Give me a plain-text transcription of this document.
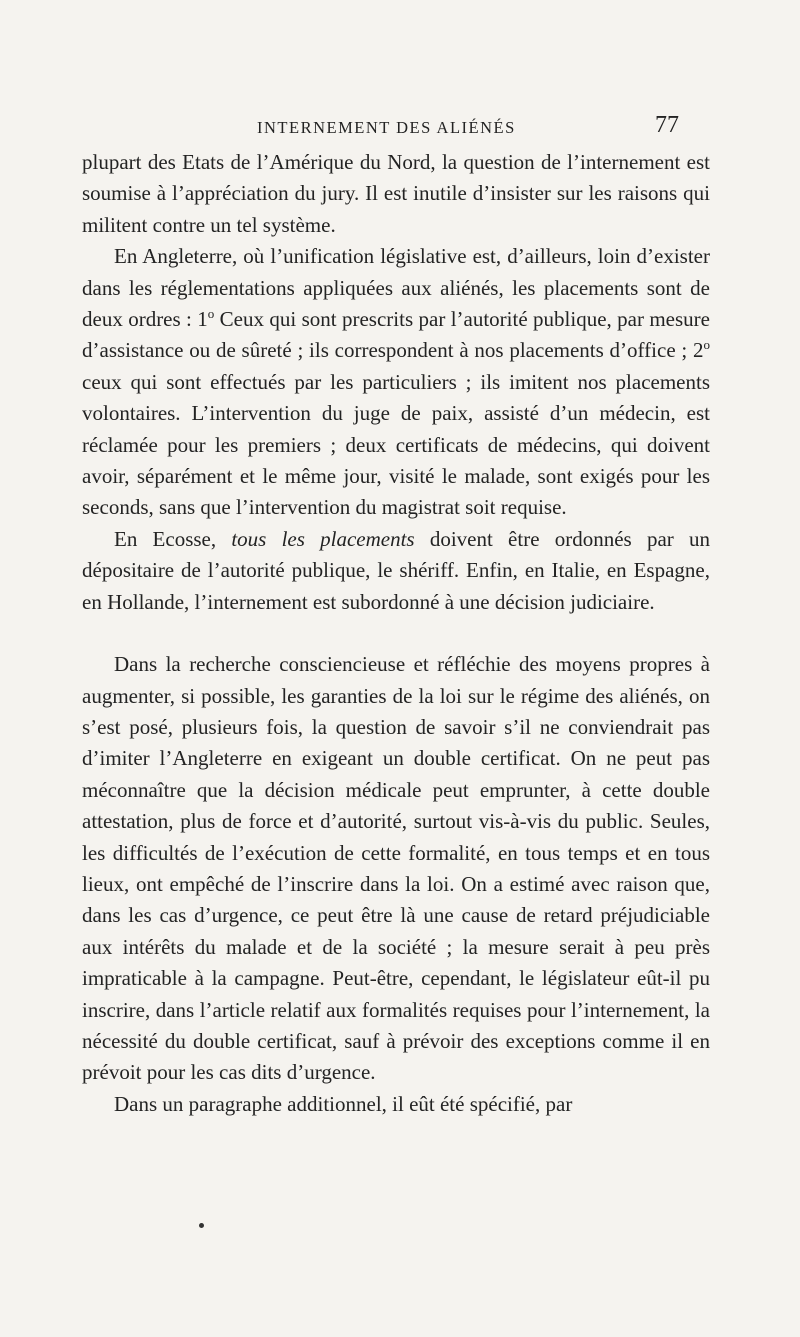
INTERNEMENT DES ALIÉNÉS	77

plupart des Etats de l’Amérique du Nord, la question de l’internement est soumise à l’appréciation du jury. Il est inutile d’insister sur les raisons qui militent contre un tel système.

En Angleterre, où l’unification législative est, d’ailleurs, loin d’exister dans les réglementations appliquées aux aliénés, les placements sont de deux ordres : 1$^o$ Ceux qui sont prescrits par l’autorité publique, par mesure d’assistance ou de sûreté ; ils correspondent à nos placements d’office ; 2$^o$ ceux qui sont effectués par les particuliers ; ils imitent nos placements volontaires. L’intervention du juge de paix, assisté d’un médecin, est réclamée pour les premiers ; deux certificats de médecins, qui doivent avoir, séparément et le même jour, visité le malade, sont exigés pour les seconds, sans que l’intervention du magistrat soit requise.

En Ecosse, tous les placements doivent être ordonnés par un dépositaire de l’autorité publique, le shériff. Enfin, en Italie, en Espagne, en Hollande, l’internement est subordonné à une décision judiciaire.

Dans la recherche consciencieuse et réfléchie des moyens propres à augmenter, si possible, les garanties de la loi sur le régime des aliénés, on s’est posé, plusieurs fois, la question de savoir s’il ne conviendrait pas d’imiter l’Angleterre en exigeant un double certificat. On ne peut pas méconnaître que la décision médicale peut emprunter, à cette double attestation, plus de force et d’autorité, surtout vis-à-vis du public. Seules, les difficultés de l’exécution de cette formalité, en tous temps et en tous lieux, ont empêché de l’inscrire dans la loi. On a estimé avec raison que, dans les cas d’urgence, ce peut être là une cause de retard préjudiciable aux intérêts du malade et de la société ; la mesure serait à peu près impraticable à la campagne. Peut-être, cependant, le législateur eût-il pu inscrire, dans l’article relatif aux formalités requises pour l’internement, la nécessité du double certificat, sauf à prévoir des exceptions comme il en prévoit pour les cas dits d’urgence.

Dans un paragraphe additionnel, il eût été spécifié, par
